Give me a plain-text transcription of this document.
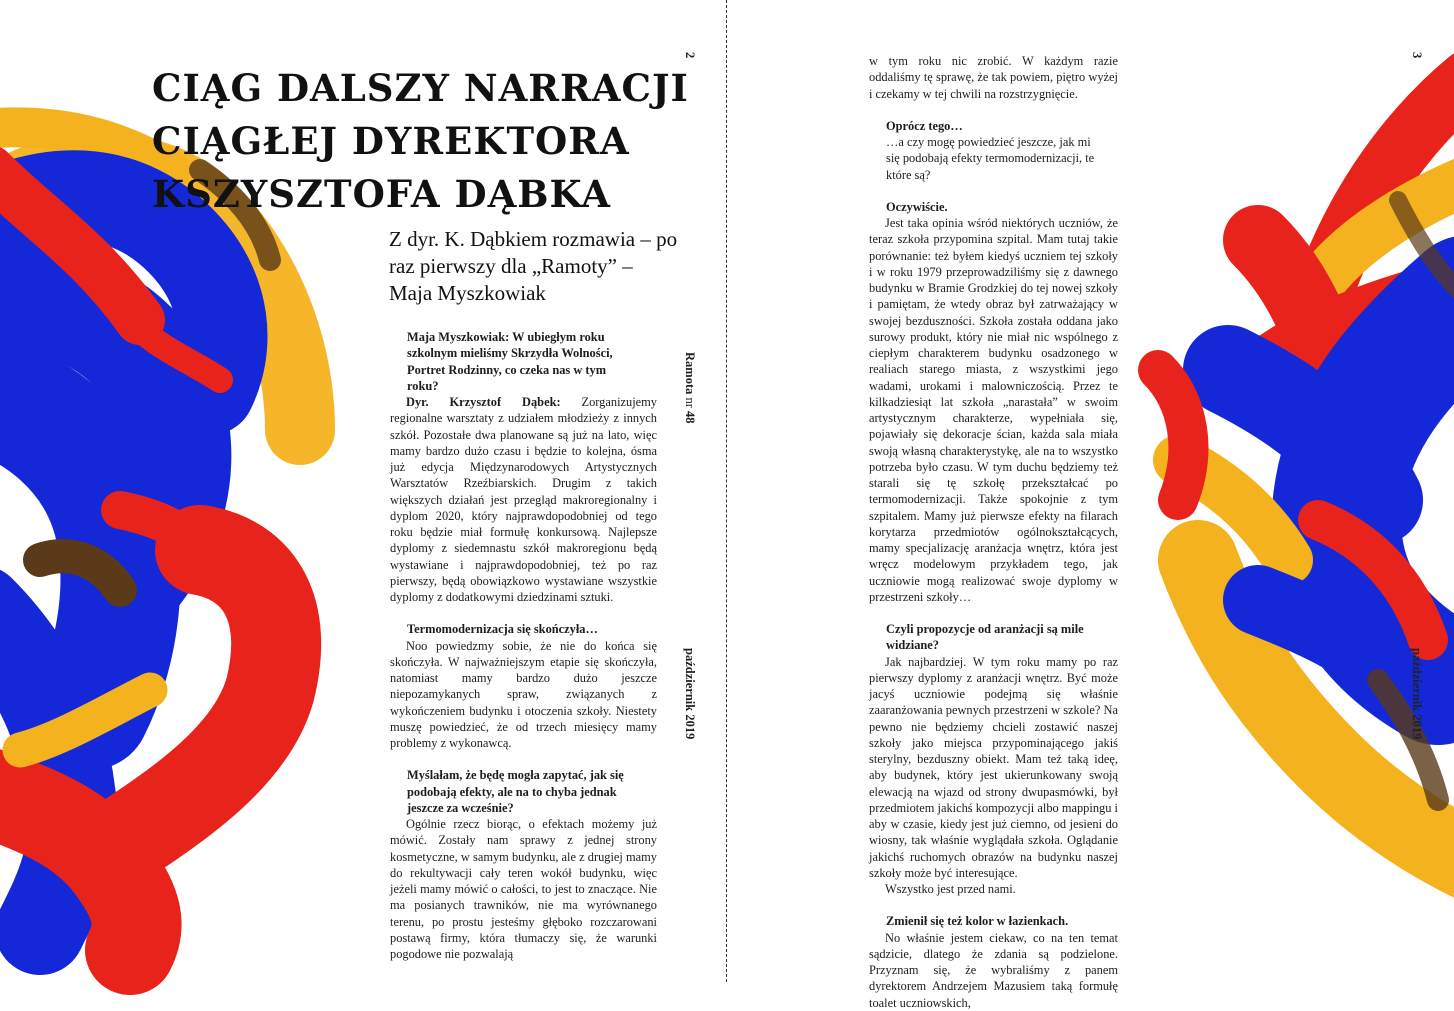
CIĄG DALSZY NARRACJI
CIĄGŁEJ DYREKTORA
KSZYSZTOFA DĄBKA
Z dyr. K. Dąbkiem rozmawia – po raz pierwszy dla „Ramoty” – Maja Myszkowiak

Maja Myszkowiak: W ubiegłym roku szkolnym mieliśmy Skrzydła Wolności, Portret Rodzinny, co czeka nas w tym roku?

Dyr. Krzysztof Dąbek: Zorganizujemy regionalne warsztaty z udziałem młodzieży z innych szkół. Pozostałe dwa planowane są już na lato, więc mamy bardzo dużo czasu i będzie to kolejna, ósma już edycja Międzynarodowych Artystycznych Warsztatów Rzeźbiarskich. Drugim z takich większych działań jest przegląd makroregionalny i dyplom 2020, który najprawdopodobniej od tego roku będzie miał formułę konkursową. Najlepsze dyplomy z siedemnastu szkół makroregionu będą wystawiane i najprawdopodobniej, też po raz pierwszy, będą obowiązkowo wystawiane wszystkie dyplomy z dodatkowymi dziedzinami sztuki.

Termomodernizacja się skończyła…

Noo powiedzmy sobie, że nie do końca się skończyła. W najważniejszym etapie się skończyła, natomiast mamy bardzo dużo jeszcze niepozamykanych spraw, związanych z wykończeniem budynku i otoczenia szkoły. Niestety muszę powiedzieć, że od trzech miesięcy mamy problemy z wykonawcą.

Myślałam, że będę mogła zapytać, jak się podobają efekty, ale na to chyba jednak jeszcze za wcześnie?

Ogólnie rzecz biorąc, o efektach możemy już mówić. Zostały nam sprawy z jednej strony kosmetyczne, w samym budynku, ale z drugiej mamy do rekultywacji cały teren wokół budynku, więc jeżeli mamy mówić o całości, to jest to znaczące. Nie ma posianych trawników, nie ma wyrównanego terenu, po prostu jesteśmy głęboko rozczarowani postawą firmy, która tłumaczy się, że warunki pogodowe nie pozwalają

w tym roku nic zrobić. W każdym razie oddaliśmy tę sprawę, że tak powiem, piętro wyżej i czekamy w tej chwili na rozstrzygnięcie.

Oprócz tego…

…a czy mogę powiedzieć jeszcze, jak mi się podobają efekty termomodernizacji, te które są?

Oczywiście.

Jest taka opinia wśród niektórych uczniów, że teraz szkoła przypomina szpital. Mam tutaj takie porównanie: też byłem kiedyś uczniem tej szkoły i w roku 1979 przeprowadziliśmy się z dawnego budynku w Bramie Grodzkiej do tej nowej szkoły i pamiętam, że wtedy obraz był zatrważający w swojej bezduszności. Szkoła została oddana jako surowy produkt, który nie miał nic wspólnego z ciepłym charakterem budynku osadzonego w realiach starego miasta, z wszystkimi jego wadami, urokami i malowniczością. Przez te kilkadziesiąt lat szkoła „narastała” w swoim artystycznym charakterze, wypełniała się, pojawiały się dekoracje ścian, każda sala miała swoją własną charakterystykę, ale na to wszystko potrzeba było czasu. W tym duchu będziemy też starali się tę szkołę przekształcać po termomodernizacji. Także spokojnie z tym szpitalem. Mamy już pierwsze efekty na filarach korytarza przedmiotów ogólnokształcących, mamy specjalizację aranżacja wnętrz, która jest wręcz modelowym przykładem tego, jak uczniowie mogą realizować swoje dyplomy w przestrzeni szkoły…

Czyli propozycje od aranżacji są mile widziane?

Jak najbardziej. W tym roku mamy po raz pierwszy dyplomy z aranżacji wnętrz. Być może jacyś uczniowie podejmą się właśnie zaaranżowania pewnych przestrzeni w szkole? Na pewno nie będziemy chcieli zostawić naszej szkoły jako miejsca przypominającego jakiś sterylny, bezduszny obiekt. Mam też taką ideę, aby budynek, który jest ukierunkowany swoją elewacją na wjazd od strony dwupasmówki, był przedmiotem jakichś kompozycji albo mappingu i aby w czasie, kiedy jest już ciemno, od jesieni do wiosny, tak właśnie wyglądała szkoła. Oglądanie jakichś ruchomych obrazów na budynku naszej szkoły może być interesujące.

Wszystko jest przed nami.

Zmienił się też kolor w łazienkach.

No właśnie jestem ciekaw, co na ten temat sądzicie, dlatego że zdania są podzielone. Przyznam się, że wybraliśmy z panem dyrektorem Andrzejem Mazusiem taką formułę toalet uczniowskich,

2
Ramota nr 48
październik 2019
3
październik 2019
